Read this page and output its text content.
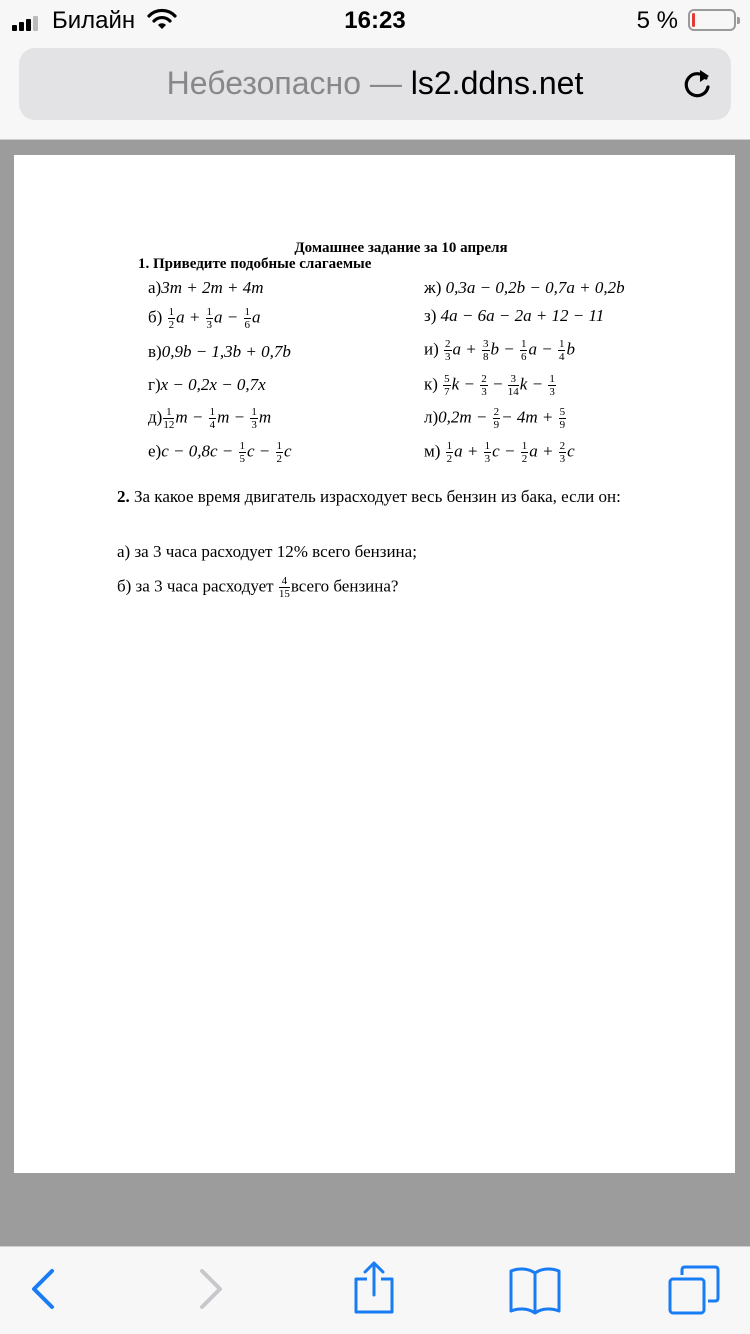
Билайн	16:23	5 %
Небезопасно — ls2.ddns.net
Домашнее задание за 10 апреля
1. Приведите подобные слагаемые
а)3m + 2m + 4m
$б) \frac{1}{2}$ $a + \frac{1}{3}$ $a - \frac{1}{6}$ a
в)0,9b − 1,3b + 0,7b
г)x − 0,2x − 0,7x
$д) \frac{1}{12}$ $m - \frac{1}{4}$ $m - \frac{1}{3}$ m
$е)c - 0,8c - \frac{1}{5}$ $c - \frac{1}{2}$ c
ж) 0,3a − 0,2b − 0,7a + 0,2b
з) 4a − 6a − 2a + 12 − 11
$и) \frac{2}{3}$ $a + \frac{3}{8}$ $b - \frac{1}{6}$ $a - \frac{1}{4}$ b
$к) \frac{5}{7}$ $k - \frac{2}{3} - \frac{3}{14}$ $k - \frac{1}{3}$
$л)0,2m - \frac{2}{9} - 4m + \frac{5}{9}$
$м) \frac{1}{2}$ $a + \frac{1}{3}$ $c - \frac{1}{2}$ $a + \frac{2}{3}$ c
2. За какое время двигатель израсходует весь бензин из бака, если он:
а) за 3 часа расходует 12% всего бензина;
б) за 3 часа расходует $\frac{4}{15}$ всего бензина?
